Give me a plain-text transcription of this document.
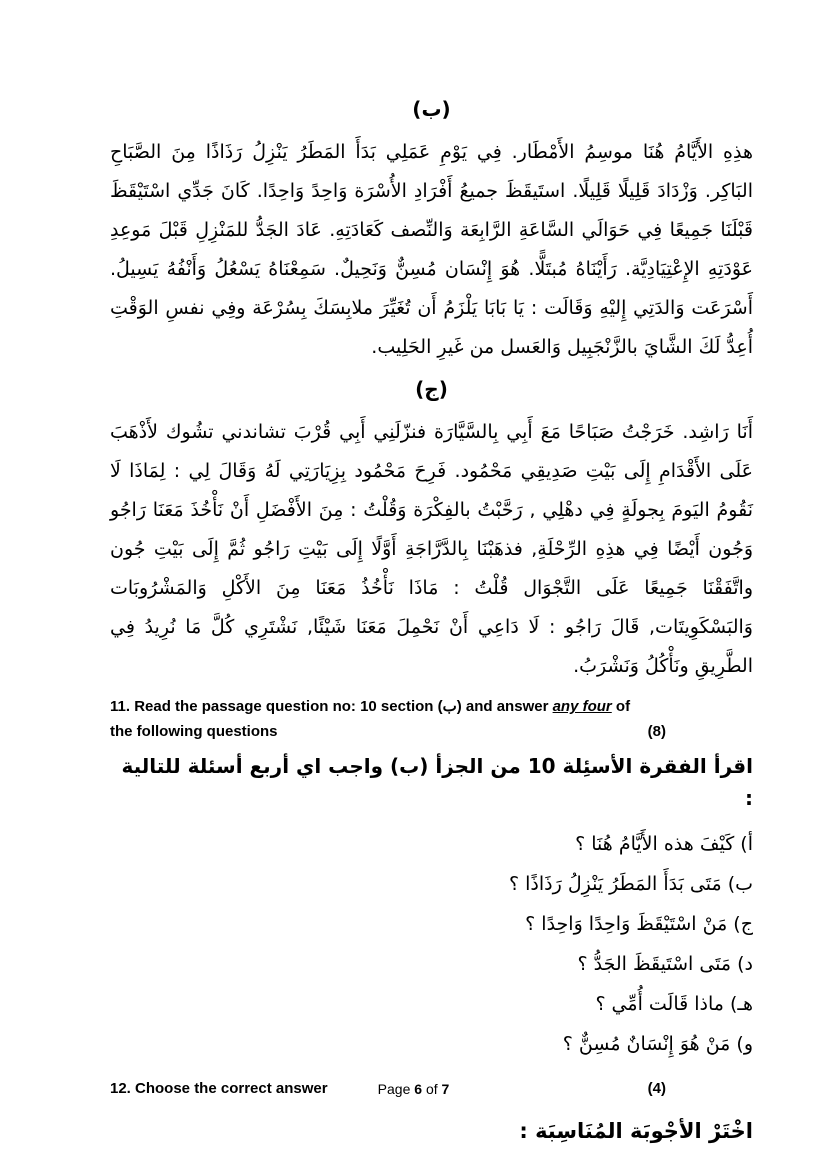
(ب)

هذِهِ الأَيَّامُ هُنَا موسِمُ الأَمْطَار. فِي يَوْمِ عَمَلِي بَدَأَ المَطَرُ يَنْزِلُ رَذَاذًا مِنَ الصَّبَاحِ البَاكِر. وَزْدَادَ قَلِيلًا قَلِيلًا. استَيقَظَ جميعُ أَفْرَادِ الأُسْرَة وَاحِدً وَاحِدًا. كَانَ جَدِّي اسْتَيْقَظَ قَبْلَنَا جَمِيعًا فِي حَوَالَي السَّاعَةِ الرَّابِعَة وَالنِّصف كَعَادَتِهِ. عَادَ الجَدُّ للمَنْزِلِ قَبْلَ مَوعِدِ عَوْدَتِهِ الإِعْتِيَادِيَّة. رَأَيْنَاهُ مُبتَلًّا. هُوَ إِنْسَان مُسِنٌّ وَنَحِيلٌ. سَمِعْنَاهُ يَسْعُلُ وَأَنْفُهُ يَسِيلُ. أَسْرَعَت وَالدَتِي إِليْهِ وَقَالَت : يَا بَابَا يَلْزَمُ أَن تُغَيِّرَ ملابِسَكَ بِسُرْعَة وفِي نفسِ الوَقْتِ أُعِدُّ لَكَ الشَّايَ بالزَّنْجَبِيل وَالعَسل من غَيرِ الحَلِيب.

(ج)

أَنَا رَاشِد. خَرَجْتُ صَبَاحًا مَعَ أَبِي بِالسَّيَّارَة فنزّلَنِي أَبِي قُرْبَ تشاندني تشُوك لأَذْهَبَ عَلَى الأَقْدَامِ إِلَى بَيْتِ صَدِيقِي مَحْمُود. فَرِحَ مَحْمُود بِزِيَارَتِي لَهُ وَقَالَ لِي : لِمَاذَا لَا نَقُومُ اليَومَ بِجولَةٍ فِي دهْلِي , رَحَّبْتُ بالفِكْرَة وَقُلْتُ : مِنَ الأَفْضَلِ أَنْ نَأْخُذَ مَعَنَا رَاجُو وَجُون أَيْضًا فِي هذِهِ الرِّحْلَةِ, فذهَبْنَا بِالدَّرَّاجَةِ أَوَّلًا إِلَى بَيْتِ رَاجُو ثُمَّ إِلَى بَيْتِ جُون واتَّفَقْنَا جَمِيعًا عَلَى التَّجْوَال قُلْتُ : مَاذَا نَأْخُذُ مَعَنَا مِنَ الأَكْلِ وَالمَشْرُوبَات وَالبَسْكَوِيتَات, قَالَ رَاجُو : لَا دَاعِي أَنْ نَحْمِلَ مَعَنَا شَيْئًا, نَشْتَرِي كُلَّ مَا نُرِيدُ فِي الطَّرِيقِ ونَأْكُلُ وَنَشْرَبُ.

11. Read the passage question no: 10 section (ب) and answer any four of
the following questions	(8)
اقرأ الفقرة الأسئِلة 10 من الجزأ (ب) واجب اي أربع أسئلة للتالية :
أ) كَيْفَ هذه الأَيَّامُ هُنَا ؟
ب) مَتَى بَدَأَ المَطَرُ يَنْزِلُ رَذَاذًا ؟
ج) مَنْ اسْتَيْقَظَ وَاحِدًا وَاحِدًا ؟
د) مَتَى اسْتَيقَظَ الجَدُّ ؟
هـ) ماذا قَالَت أُمِّي ؟
و) مَنْ هُوَ إِنْسَانٌ مُسِنٌّ ؟
12. Choose the correct answer	(4)
اخْتَرْ الأجْوبَة المُنَاسِبَة :
Page 6 of 7
